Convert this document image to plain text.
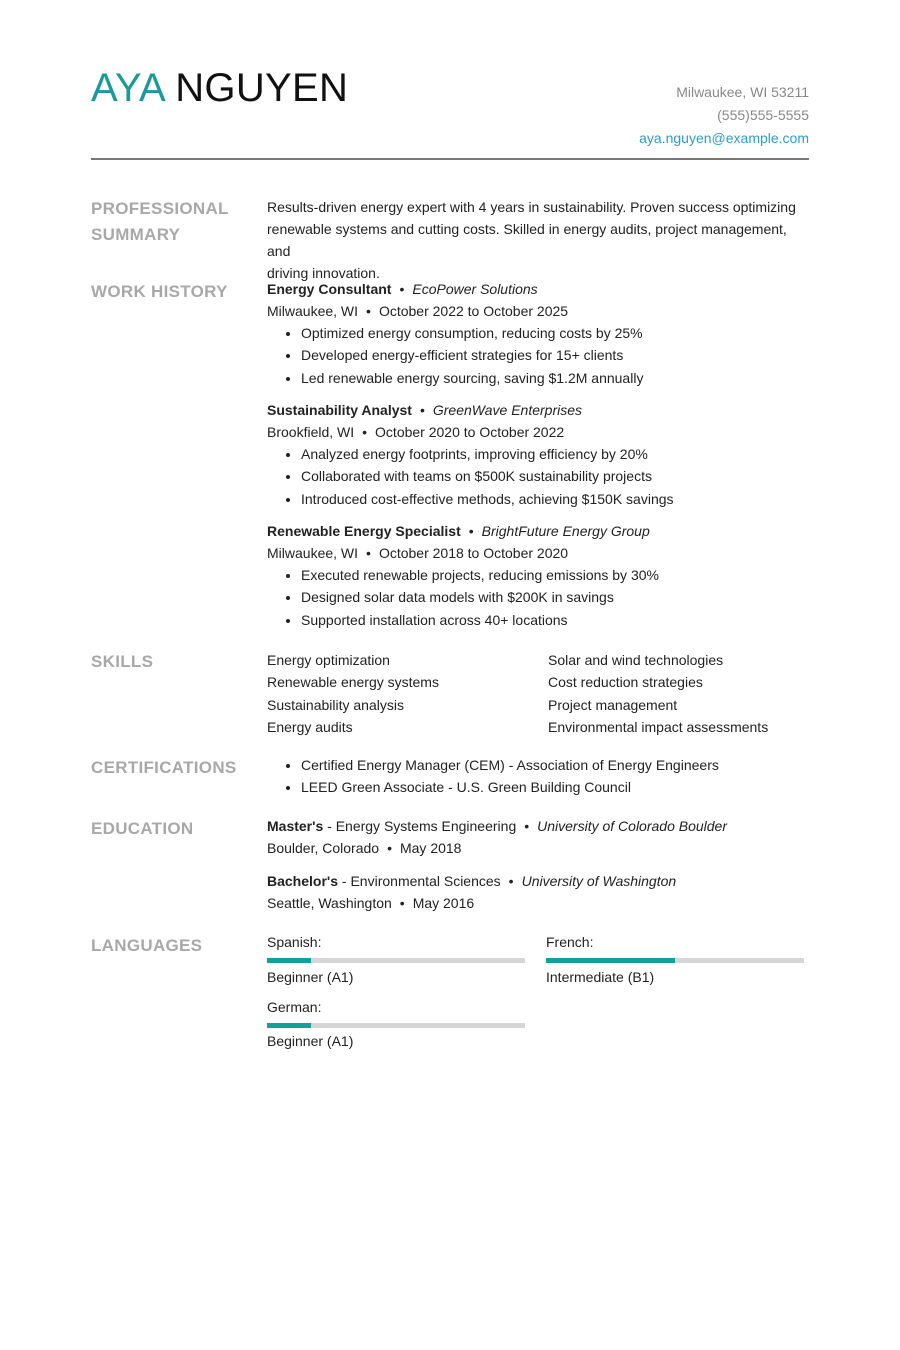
AYA NGUYEN	Milwaukee, WI 53211
(555)555-5555
aya.nguyen@example.com
PROFESSIONAL
SUMMARY
Results-driven energy expert with 4 years in sustainability. Proven success optimizing
renewable systems and cutting costs. Skilled in energy audits, project management, and
driving innovation.
WORK HISTORY	Energy Consultant • EcoPower Solutions
Milwaukee, WI • October 2022 to October 2025
• Optimized energy consumption, reducing costs by 25%
• Developed energy-efficient strategies for 15+ clients
• Led renewable energy sourcing, saving $1.2M annually
Sustainability Analyst • GreenWave Enterprises
Brookfield, WI • October 2020 to October 2022
• Analyzed energy footprints, improving efficiency by 20%
• Collaborated with teams on $500K sustainability projects
• Introduced cost-effective methods, achieving $150K savings
Renewable Energy Specialist • BrightFuture Energy Group
Milwaukee, WI • October 2018 to October 2020
• Executed renewable projects, reducing emissions by 30%
• Designed solar data models with $200K in savings
• Supported installation across 40+ locations
SKILLS	Energy optimization
Renewable energy systems
Sustainability analysis
Energy audits
Solar and wind technologies
Cost reduction strategies
Project management
Environmental impact assessments
CERTIFICATIONS
•	Certified Energy Manager (CEM) - Association of Energy Engineers
• LEED Green Associate - U.S. Green Building Council
EDUCATION	Master's - Energy Systems Engineering • University of Colorado Boulder
Boulder, Colorado • May 2018
Bachelor's - Environmental Sciences • University of Washington
Seattle, Washington • May 2016
LANGUAGES	Spanish:
Beginner (A1)
French:
Intermediate (B1)
German:
Beginner (A1)
